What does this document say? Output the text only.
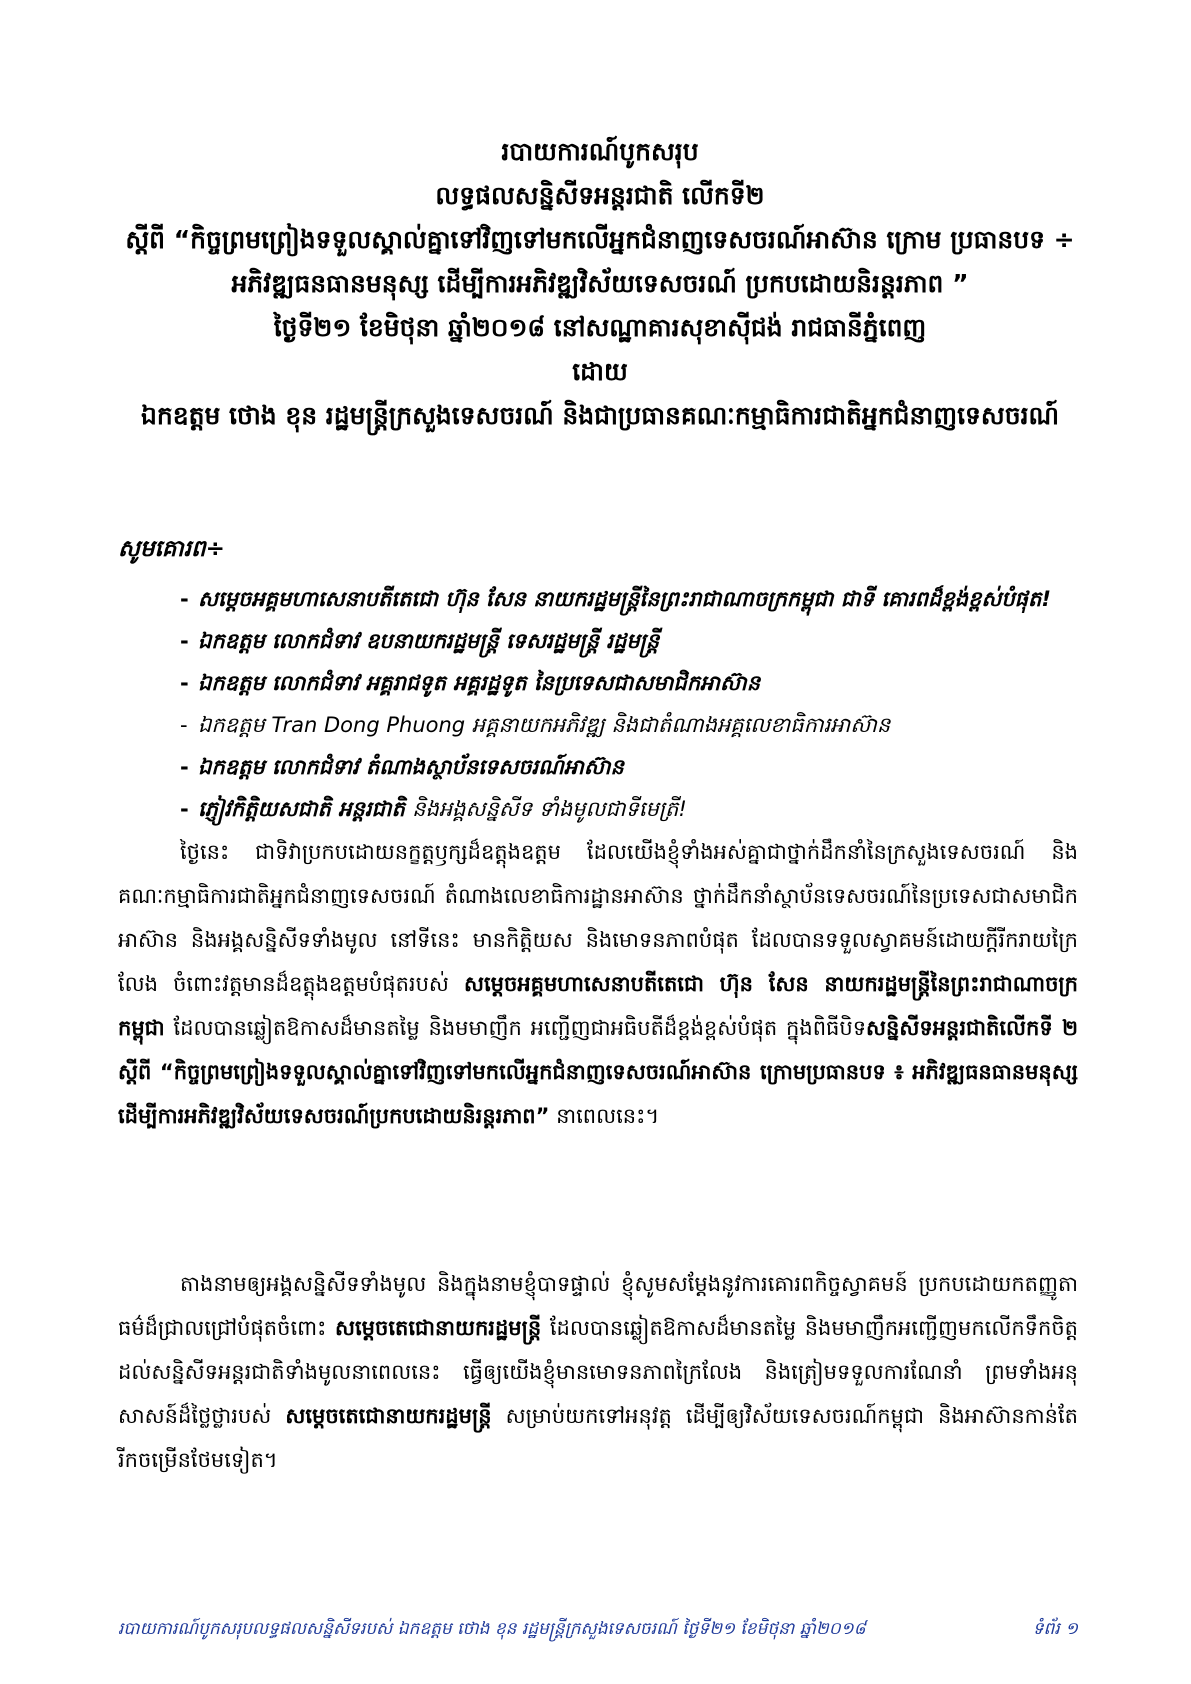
របាយការណ៍បូកសរុប
លទ្ធផលសន្និសីទអន្តរជាតិ លើកទី២
ស្តីពី “កិច្ចព្រមព្រៀងទទួលស្គាល់គ្នាទៅវិញទៅមកលើអ្នកជំនាញទេសចរណ៍អាស៊ាន ក្រោម ប្រធានបទ ÷ អភិវឌ្ឍធនធានមនុស្ស ដើម្បីការអភិវឌ្ឍវិស័យទេសចរណ៍ ប្រកបដោយនិរន្តរភាព ”
ថ្ងៃទី២១ ខែមិថុនា ឆ្នាំ២០១៨ នៅសណ្ឋាគារសុខាស៊ីជង់ រាជធានីភ្នំពេញ
ដោយ
ឯកឧត្តម ថោង ខុន រដ្ឋមន្ត្រីក្រសួងទេសចរណ៍ និងជាប្រធានគណៈកម្មាធិការជាតិអ្នកជំនាញទេសចរណ៍
សូមគោរព÷
- សម្តេចអគ្គមហាសេនាបតីតេជោ ហ៊ុន សែន នាយករដ្ឋមន្ត្រីនៃព្រះរាជាណាចក្រកម្ពុជា ជាទី គោរពដ៏ខ្ពង់ខ្ពស់បំផុត!
- ឯកឧត្តម លោកជំទាវ ឧបនាយករដ្ឋមន្ត្រី ទេសរដ្ឋមន្ត្រី រដ្ឋមន្ត្រី
- ឯកឧត្តម លោកជំទាវ អគ្គរាជទូត អគ្គរដ្ឋទូត នៃប្រទេសជាសមាជិកអាស៊ាន
- ឯកឧត្តម Tran Dong Phuong អគ្គនាយកអភិវឌ្ឍ និងជាតំណាងអគ្គលេខាធិការអាស៊ាន
- ឯកឧត្តម លោកជំទាវ តំណាងស្ថាប័នទេសចរណ៍អាស៊ាន
- ភ្ញៀវកិត្តិយសជាតិ អន្តរជាតិ និងអង្គសន្និសីទ ទាំងមូលជាទីមេត្រី!

ថ្ងៃនេះ ជាទិវាប្រកបដោយនក្ខត្តឫក្សដ៏ឧត្តុងឧត្តម ដែលយើងខ្ញុំទាំងអស់គ្នាជាថ្នាក់ដឹកនាំនៃក្រសួងទេសចរណ៍ និងគណៈកម្មាធិការជាតិអ្នកជំនាញទេសចរណ៍ តំណាងលេខាធិការដ្ឋានអាស៊ាន ថ្នាក់ដឹកនាំស្ថាប័នទេសចរណ៍នៃប្រទេសជាសមាជិកអាស៊ាន និងអង្គសន្និសីទទាំងមូល នៅទីនេះ មានកិត្តិយស និងមោទនភាពបំផុត ដែលបានទទួលស្វាគមន៍ដោយក្តីរីករាយក្រៃលែង ចំពោះវត្តមានដ៏ឧត្តុងឧត្តមបំផុតរបស់ សម្តេចអគ្គមហាសេនាបតីតេជោ ហ៊ុន សែន នាយករដ្ឋមន្ត្រីនៃព្រះរាជាណាចក្រកម្ពុជា ដែលបានឆ្លៀតឱកាសដ៏មានតម្លៃ និងមមាញឹក អញ្ជើញជាអធិបតីដ៏ខ្ពង់ខ្ពស់បំផុត ក្នុងពិធីបិទសន្និសីទអន្តរជាតិលើកទី ២ ស្តីពី “កិច្ចព្រមព្រៀងទទួលស្គាល់គ្នាទៅវិញទៅមកលើអ្នកជំនាញទេសចរណ៍អាស៊ាន ក្រោមប្រធានបទ ៖ អភិវឌ្ឍធនធានមនុស្ស ដើម្បីការអភិវឌ្ឍវិស័យទេសចរណ៍ប្រកបដោយនិរន្តរភាព” នាពេលនេះ។

តាងនាមឲ្យអង្គសន្និសីទទាំងមូល និងក្នុងនាមខ្ញុំបាទផ្ទាល់ ខ្ញុំសូមសម្តែងនូវការគោរពកិច្ចស្វាគមន៍ ប្រកបដោយកតញ្ញូតាធម៌ដ៏ជ្រាលជ្រៅបំផុតចំពោះ សម្តេចតេជោនាយករដ្ឋមន្ត្រី ដែលបានឆ្លៀតឱកាសដ៏មានតម្លៃ និងមមាញឹកអញ្ជើញមកលើកទឹកចិត្តដល់សន្និសីទអន្តរជាតិទាំងមូលនាពេលនេះ ធ្វើឲ្យយើងខ្ញុំមានមោទនភាពក្រៃលែង និងត្រៀមទទួលការណែនាំ ព្រមទាំងអនុសាសន៍ដ៏ថ្លៃថ្លារបស់ សម្តេចតេជោនាយករដ្ឋមន្ត្រី សម្រាប់យកទៅអនុវត្ត ដើម្បីឲ្យវិស័យទេសចរណ៍កម្ពុជា និងអាស៊ានកាន់តែរីកចម្រើនថែមទៀត។

របាយការណ៍បូកសរុបលទ្ធផលសន្និសីទរបស់ ឯកឧត្តម ថោង ខុន រដ្ឋមន្ត្រីក្រសួងទេសចរណ៍ ថ្ងៃទី២១ ខែមិថុនា ឆ្នាំ២០១៨	ទំព័រ ១
